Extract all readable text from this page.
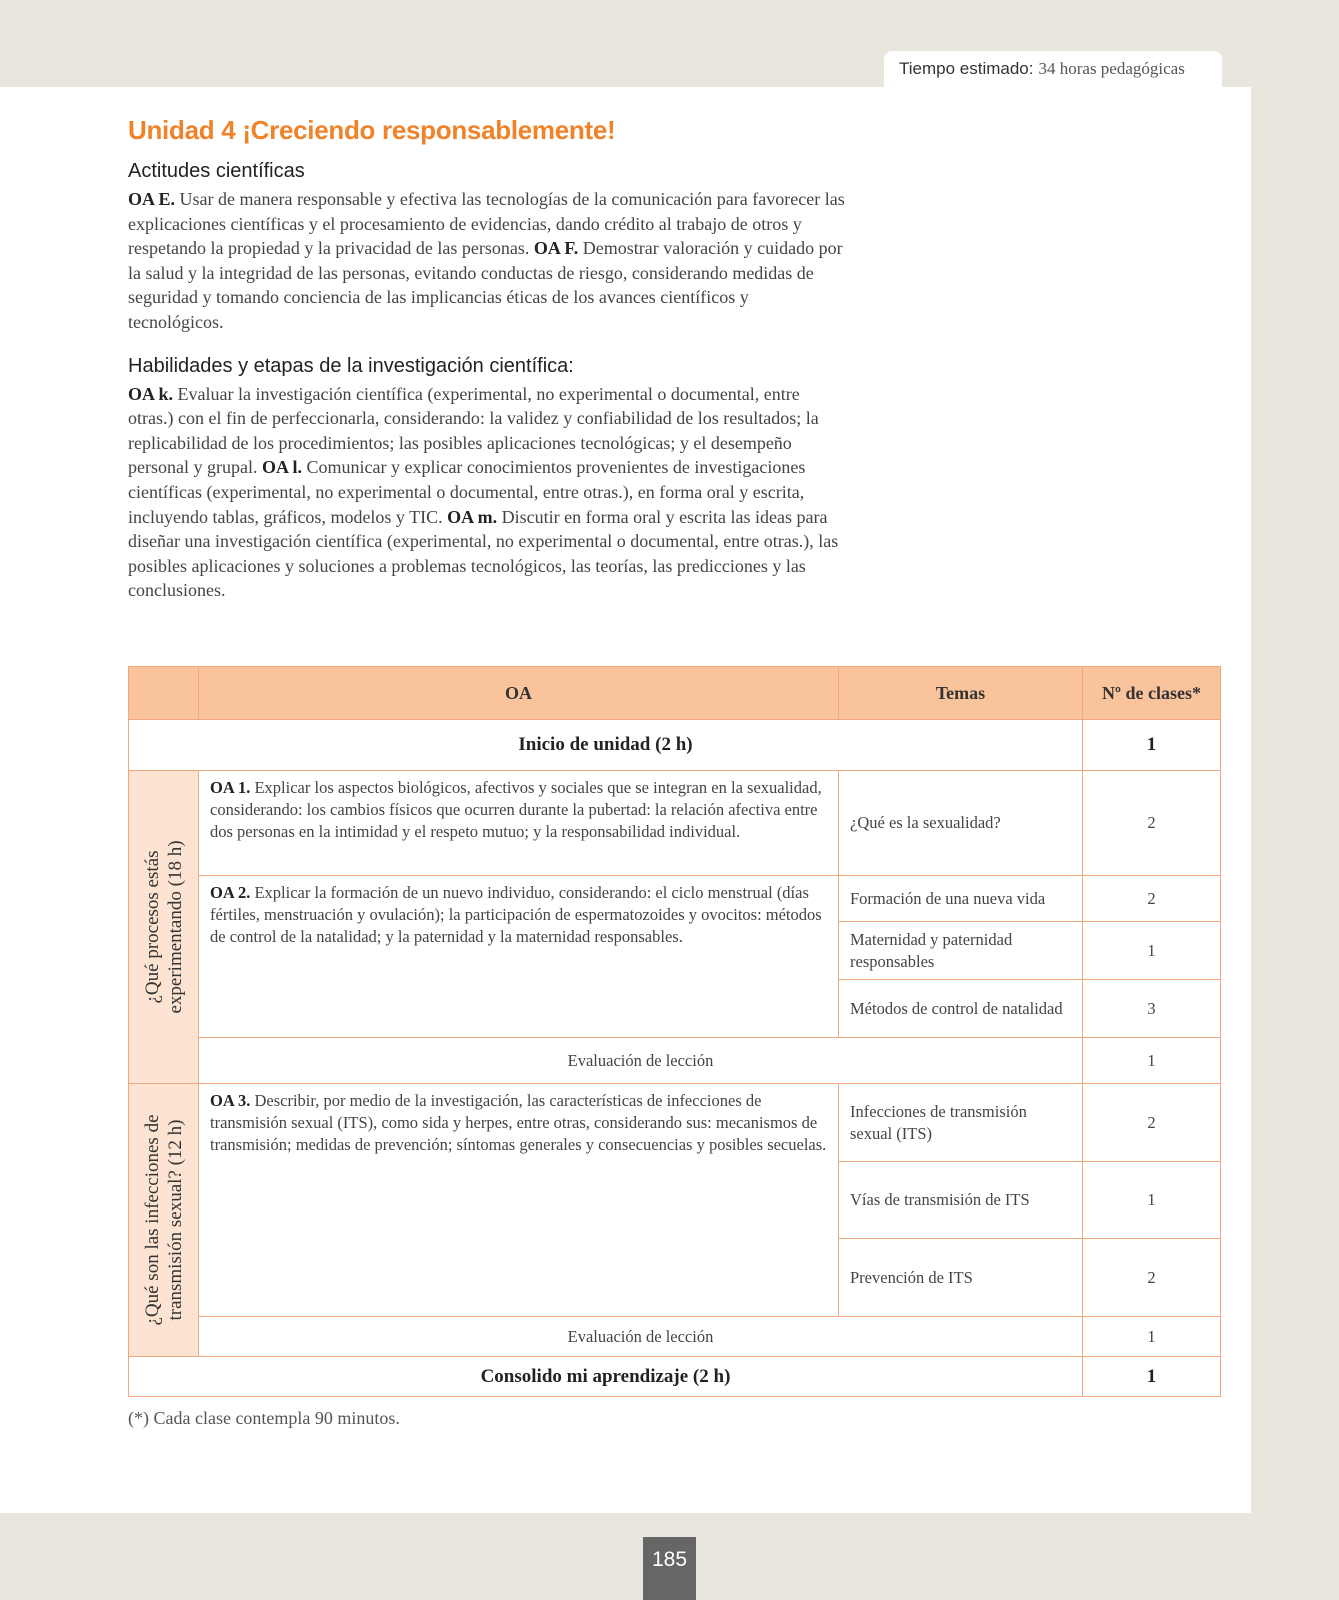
Tiempo estimado: 34 horas pedagógicas
Unidad 4 ¡Creciendo responsablemente!
Actitudes científicas

OA E. Usar de manera responsable y efectiva las tecnologías de la comunicación para favorecer las explicaciones científicas y el procesamiento de evidencias, dando crédito al trabajo de otros y respetando la propiedad y la privacidad de las personas. OA F. Demostrar valoración y cuidado por la salud y la integridad de las personas, evitando conductas de riesgo, considerando medidas de seguridad y tomando conciencia de las implicancias éticas de los avances científicos y tecnológicos.

Habilidades y etapas de la investigación científica:

OA k. Evaluar la investigación científica (experimental, no experimental o documental, entre otras.) con el fin de perfeccionarla, considerando: la validez y confiabilidad de los resultados; la replicabilidad de los procedimientos; las posibles aplicaciones tecnológicas; y el desempeño personal y grupal. OA l. Comunicar y explicar conocimientos provenientes de investigaciones científicas (experimental, no experimental o documental, entre otras.), en forma oral y escrita, incluyendo tablas, gráficos, modelos y TIC. OA m. Discutir en forma oral y escrita las ideas para diseñar una investigación científica (experimental, no experimental o documental, entre otras.), las posibles aplicaciones y soluciones a problemas tecnológicos, las teorías, las predicciones y las conclusiones.

	OA	Temas	Nº de clases*
Inicio de unidad (2 h)			1

¿Qué procesos estás experimentando (18 h)	OA 1. Explicar los aspectos biológicos, afectivos y sociales que se integran en la sexualidad, considerando: los cambios físicos que ocurren durante la pubertad: la relación afectiva entre dos personas en la intimidad y el respeto mutuo; y la responsabilidad individual.	¿Qué es la sexualidad?	2
	OA 2. Explicar la formación de un nuevo individuo, considerando: el ciclo menstrual (días fértiles, menstruación y ovulación); la participación de espermatozoides y ovocitos: métodos de control de la natalidad; y la paternidad y la maternidad responsables.	Formación de una nueva vida	2
		Maternidad y paternidad responsables	1
		Métodos de control de natalidad	3
	Evaluación de lección		1

¿Qué son las infecciones de transmisión sexual? (12 h)	OA 3. Describir, por medio de la investigación, las características de infecciones de transmisión sexual (ITS), como sida y herpes, entre otras, considerando sus: mecanismos de transmisión; medidas de prevención; síntomas generales y consecuencias y posibles secuelas.	Infecciones de transmisión sexual (ITS)	2
		Vías de transmisión de ITS	1
		Prevención de ITS	2
	Evaluación de lección		1
Consolido mi aprendizaje (2 h)			1
(*) Cada clase contempla 90 minutos.
185
